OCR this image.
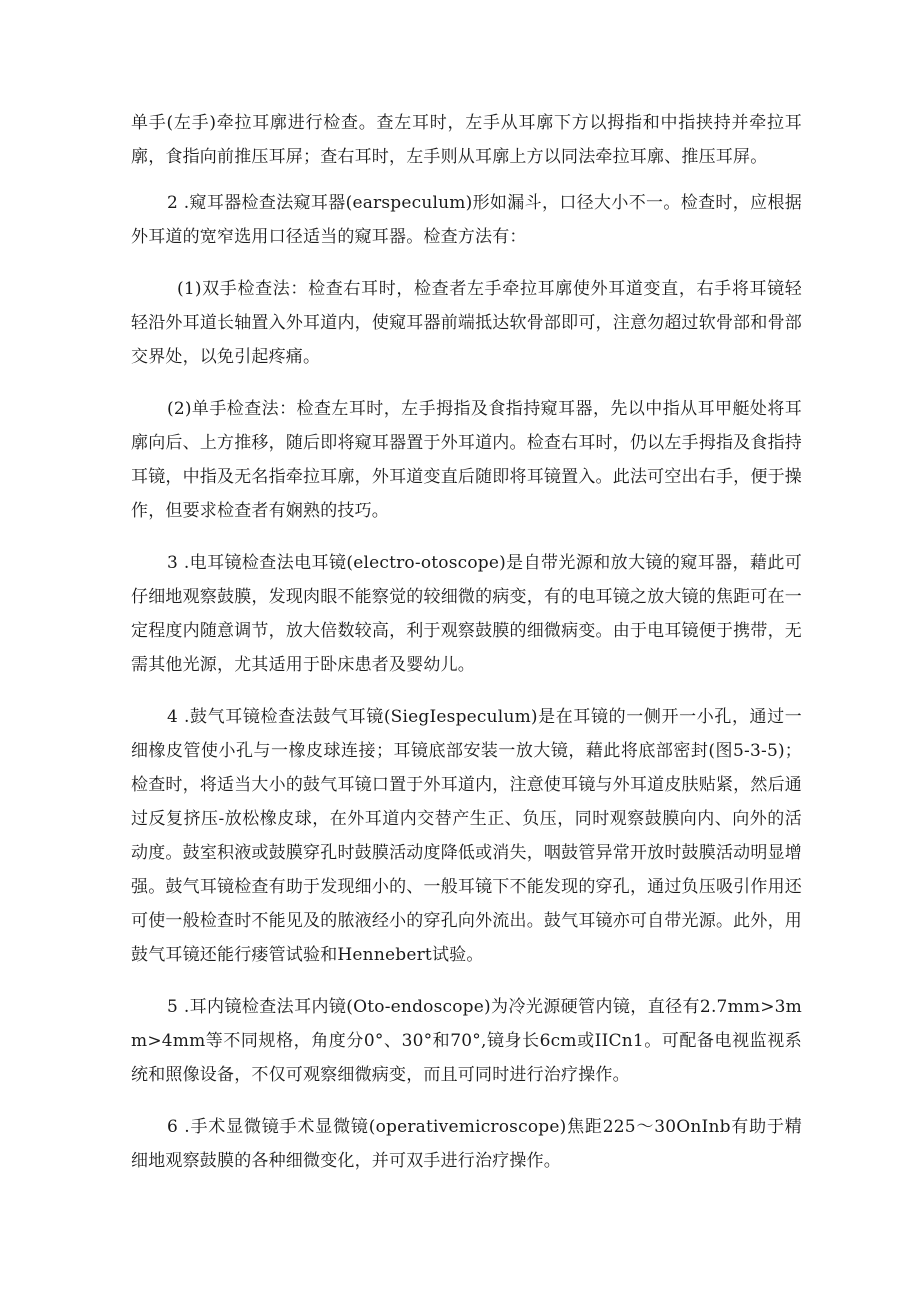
单手(左手)牵拉耳廓进行检查。查左耳时，左手从耳廓下方以拇指和中指挟持并牵拉耳廓，食指向前推压耳屏；查右耳时，左手则从耳廓上方以同法牵拉耳廓、推压耳屏。

2 .窥耳器检查法窥耳器(earspeculum)形如漏斗，口径大小不一。检查时，应根据外耳道的宽窄选用口径适当的窥耳器。检查方法有：

(1)双手检查法：检查右耳时，检查者左手牵拉耳廓使外耳道变直，右手将耳镜轻轻沿外耳道长轴置入外耳道内，使窥耳器前端抵达软骨部即可，注意勿超过软骨部和骨部交界处，以免引起疼痛。

(2)单手检查法：检查左耳时，左手拇指及食指持窥耳器，先以中指从耳甲艇处将耳廓向后、上方推移，随后即将窥耳器置于外耳道内。检查右耳时，仍以左手拇指及食指持耳镜，中指及无名指牵拉耳廓，外耳道变直后随即将耳镜置入。此法可空出右手，便于操作，但要求检查者有娴熟的技巧。

3 .电耳镜检查法电耳镜(electro-otoscope)是自带光源和放大镜的窥耳器，藉此可仔细地观察鼓膜，发现肉眼不能察觉的较细微的病变，有的电耳镜之放大镜的焦距可在一定程度内随意调节，放大倍数较高，利于观察鼓膜的细微病变。由于电耳镜便于携带，无需其他光源，尤其适用于卧床患者及婴幼儿。

4 .鼓气耳镜检查法鼓气耳镜(SiegIespeculum)是在耳镜的一侧开一小孔，通过一细橡皮管使小孔与一橡皮球连接；耳镜底部安装一放大镜，藉此将底部密封(图5-3-5)；检查时，将适当大小的鼓气耳镜口置于外耳道内，注意使耳镜与外耳道皮肤贴紧，然后通过反复挤压-放松橡皮球，在外耳道内交替产生正、负压，同时观察鼓膜向内、向外的活动度。鼓室积液或鼓膜穿孔时鼓膜活动度降低或消失，咽鼓管异常开放时鼓膜活动明显增强。鼓气耳镜检查有助于发现细小的、一般耳镜下不能发现的穿孔，通过负压吸引作用还可使一般检查时不能见及的脓液经小的穿孔向外流出。鼓气耳镜亦可自带光源。此外，用鼓气耳镜还能行瘘管试验和Hennebert试验。

5 .耳内镜检查法耳内镜(Oto-endoscope)为冷光源硬管内镜，直径有2.7mm>3mm>4mm等不同规格，角度分0°、30°和70°,镜身长6cm或IICn1。可配备电视监视系统和照像设备，不仅可观察细微病变，而且可同时进行治疗操作。

6 .手术显微镜手术显微镜(operativemicroscope)焦距225～30OnInb有助于精细地观察鼓膜的各种细微变化，并可双手进行治疗操作。
